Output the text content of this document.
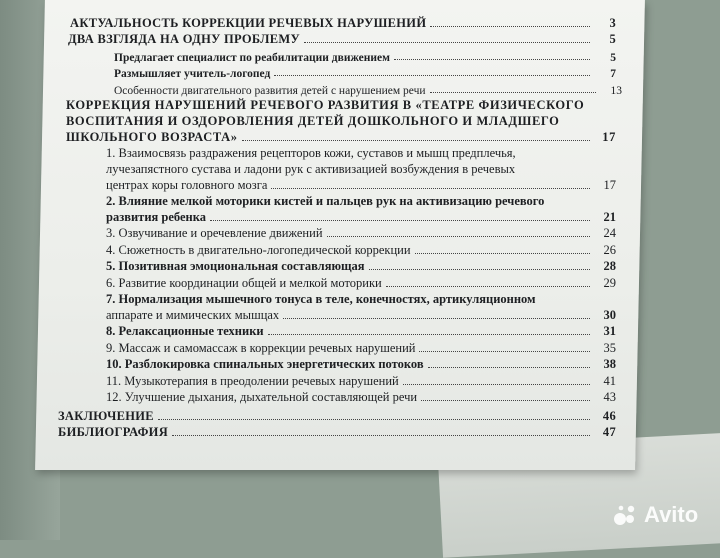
АКТУАЛЬНОСТЬ КОРРЕКЦИИ РЕЧЕВЫХ НАРУШЕНИЙ	3
ДВА ВЗГЛЯДА НА ОДНУ ПРОБЛЕМУ	5
Предлагает специалист по реабилитации движением	5
Размышляет учитель-логопед	7
Особенности двигательного развития детей с нарушением речи	13
КОРРЕКЦИЯ НАРУШЕНИЙ РЕЧЕВОГО РАЗВИТИЯ В «ТЕАТРЕ ФИЗИЧЕСКОГО
ВОСПИТАНИЯ И ОЗДОРОВЛЕНИЯ ДЕТЕЙ ДОШКОЛЬНОГО И МЛАДШЕГО
ШКОЛЬНОГО ВОЗРАСТА»	17
1. Взаимосвязь раздражения рецепторов кожи, суставов и мышц предплечья,
лучезапястного сустава и ладони рук с активизацией возбуждения в речевых
центрах коры головного мозга	17
2. Влияние мелкой моторики кистей и пальцев рук на активизацию речевого
развития ребенка	21
3. Озвучивание и оречевление движений	24
4. Сюжетность в двигательно-логопедической коррекции	26
5. Позитивная эмоциональная составляющая	28
6. Развитие координации общей и мелкой моторики	29
7. Нормализация мышечного тонуса в теле, конечностях, артикуляционном
аппарате и мимических мышцах	30
8. Релаксационные техники	31
9. Массаж и самомассаж в коррекции речевых нарушений	35
10. Разблокировка спинальных энергетических потоков	38
11. Музыкотерапия в преодолении речевых нарушений	41
12. Улучшение дыхания, дыхательной составляющей речи	43
ЗАКЛЮЧЕНИЕ	46
БИБЛИОГРАФИЯ	47
Avito
